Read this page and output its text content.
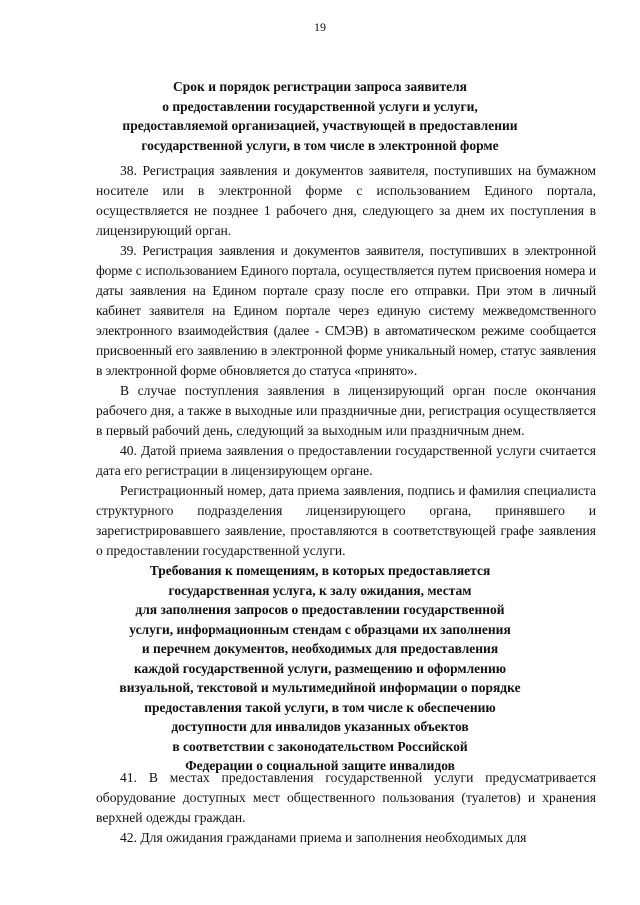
19
Срок и порядок регистрации запроса заявителя
о предоставлении государственной услуги и услуги,
предоставляемой организацией, участвующей в предоставлении
государственной услуги, в том числе в электронной форме

38. Регистрация заявления и документов заявителя, поступивших на бумажном носителе или в электронной форме с использованием Единого портала, осуществляется не позднее 1 рабочего дня, следующего за днем их поступления в лицензирующий орган.

39. Регистрация заявления и документов заявителя, поступивших в электронной форме с использованием Единого портала, осуществляется путем присвоения номера и даты заявления на Едином портале сразу после его отправки. При этом в личный кабинет заявителя на Едином портале через единую систему межведомственного электронного взаимодействия (далее - СМЭВ) в автоматическом режиме сообщается присвоенный его заявлению в электронной форме уникальный номер, статус заявления в электронной форме обновляется до статуса «принято».

В случае поступления заявления в лицензирующий орган после окончания рабочего дня, а также в выходные или праздничные дни, регистрация осуществляется в первый рабочий день, следующий за выходным или праздничным днем.

40. Датой приема заявления о предоставлении государственной услуги считается дата его регистрации в лицензирующем органе.

Регистрационный номер, дата приема заявления, подпись и фамилия специалиста структурного подразделения лицензирующего органа, принявшего и зарегистрировавшего заявление, проставляются в соответствующей графе заявления о предоставлении государственной услуги.

Требования к помещениям, в которых предоставляется
государственная услуга, к залу ожидания, местам
для заполнения запросов о предоставлении государственной
услуги, информационным стендам с образцами их заполнения
и перечнем документов, необходимых для предоставления
каждой государственной услуги, размещению и оформлению
визуальной, текстовой и мультимедийной информации о порядке
предоставления такой услуги, в том числе к обеспечению
доступности для инвалидов указанных объектов
в соответствии с законодательством Российской
Федерации о социальной защите инвалидов

41. В местах предоставления государственной услуги предусматривается оборудование доступных мест общественного пользования (туалетов) и хранения верхней одежды граждан.

42. Для ожидания гражданами приема и заполнения необходимых для
